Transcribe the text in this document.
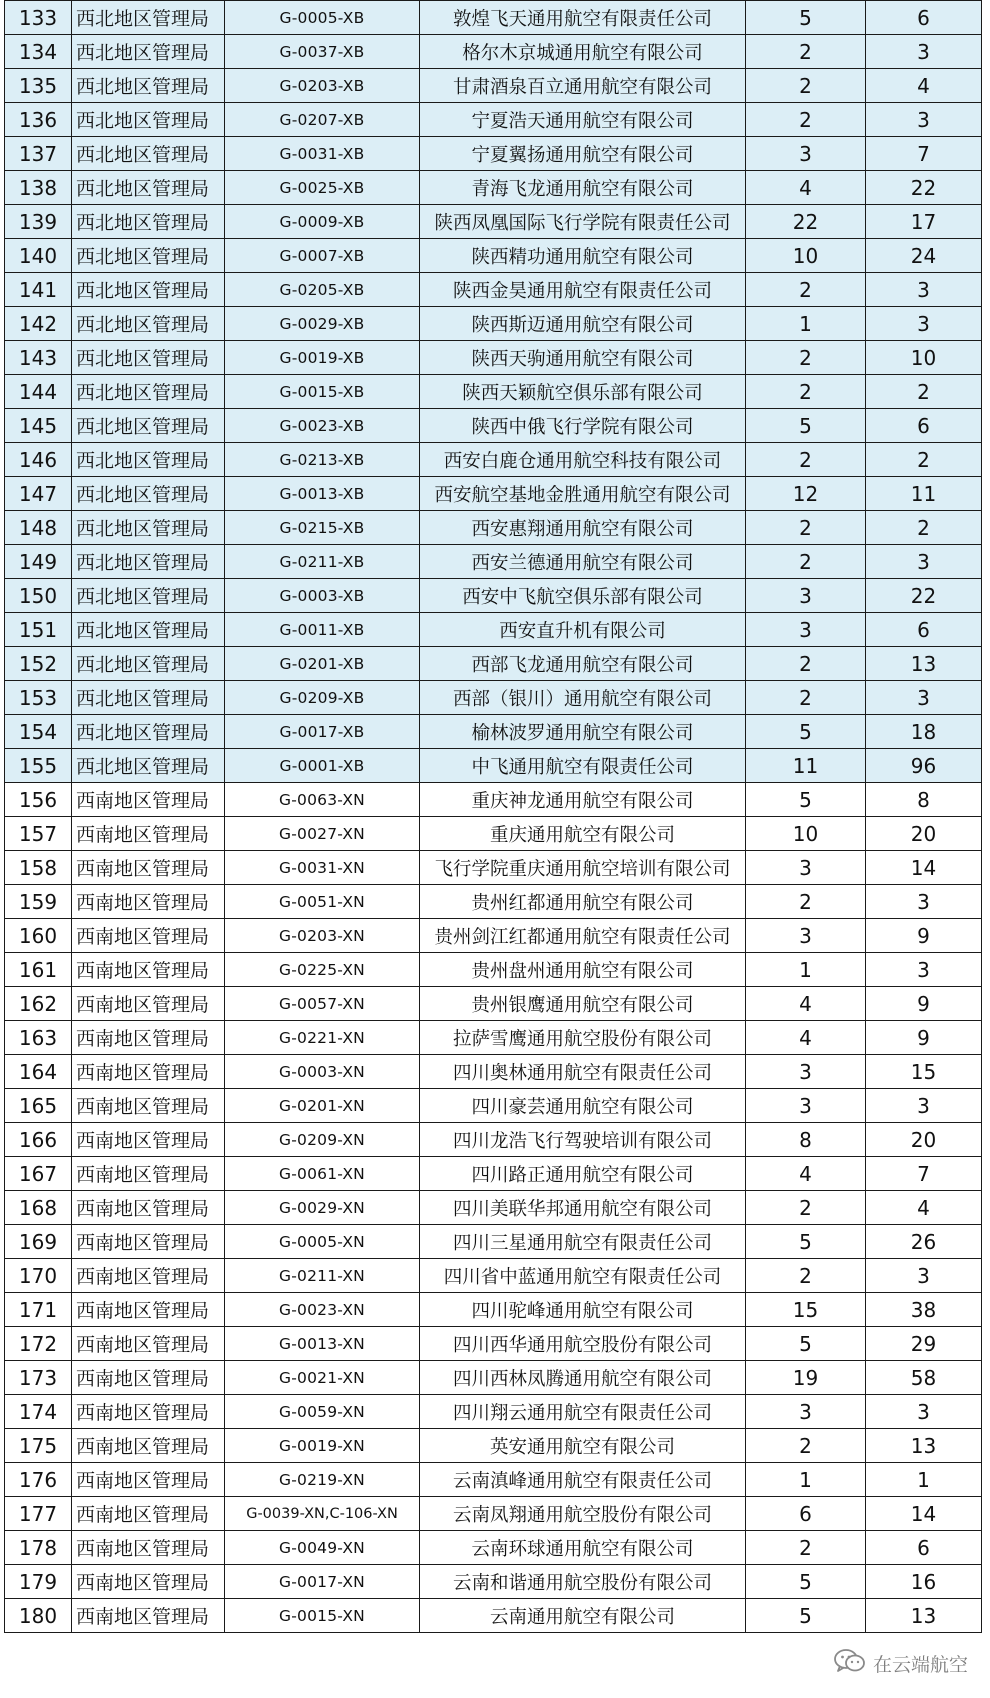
133	西北地区管理局	G-0005-XB	敦煌飞天通用航空有限责任公司	5	6
134	西北地区管理局	G-0037-XB	格尔木京城通用航空有限公司	2	3
135	西北地区管理局	G-0203-XB	甘肃酒泉百立通用航空有限公司	2	4
136	西北地区管理局	G-0207-XB	宁夏浩天通用航空有限公司	2	3
137	西北地区管理局	G-0031-XB	宁夏翼扬通用航空有限公司	3	7
138	西北地区管理局	G-0025-XB	青海飞龙通用航空有限公司	4	22
139	西北地区管理局	G-0009-XB	陕西凤凰国际飞行学院有限责任公司	22	17
140	西北地区管理局	G-0007-XB	陕西精功通用航空有限公司	10	24
141	西北地区管理局	G-0205-XB	陕西金昊通用航空有限责任公司	2	3
142	西北地区管理局	G-0029-XB	陕西斯迈通用航空有限公司	1	3
143	西北地区管理局	G-0019-XB	陕西天驹通用航空有限公司	2	10
144	西北地区管理局	G-0015-XB	陕西天颖航空俱乐部有限公司	2	2
145	西北地区管理局	G-0023-XB	陕西中俄飞行学院有限公司	5	6
146	西北地区管理局	G-0213-XB	西安白鹿仓通用航空科技有限公司	2	2
147	西北地区管理局	G-0013-XB	西安航空基地金胜通用航空有限公司	12	11
148	西北地区管理局	G-0215-XB	西安惠翔通用航空有限公司	2	2
149	西北地区管理局	G-0211-XB	西安兰德通用航空有限公司	2	3
150	西北地区管理局	G-0003-XB	西安中飞航空俱乐部有限公司	3	22
151	西北地区管理局	G-0011-XB	西安直升机有限公司	3	6
152	西北地区管理局	G-0201-XB	西部飞龙通用航空有限公司	2	13
153	西北地区管理局	G-0209-XB	西部（银川）通用航空有限公司	2	3
154	西北地区管理局	G-0017-XB	榆林波罗通用航空有限公司	5	18
155	西北地区管理局	G-0001-XB	中飞通用航空有限责任公司	11	96
156	西南地区管理局	G-0063-XN	重庆神龙通用航空有限公司	5	8
157	西南地区管理局	G-0027-XN	重庆通用航空有限公司	10	20
158	西南地区管理局	G-0031-XN	飞行学院重庆通用航空培训有限公司	3	14
159	西南地区管理局	G-0051-XN	贵州红都通用航空有限公司	2	3
160	西南地区管理局	G-0203-XN	贵州剑江红都通用航空有限责任公司	3	9
161	西南地区管理局	G-0225-XN	贵州盘州通用航空有限公司	1	3
162	西南地区管理局	G-0057-XN	贵州银鹰通用航空有限公司	4	9
163	西南地区管理局	G-0221-XN	拉萨雪鹰通用航空股份有限公司	4	9
164	西南地区管理局	G-0003-XN	四川奥林通用航空有限责任公司	3	15
165	西南地区管理局	G-0201-XN	四川豪芸通用航空有限公司	3	3
166	西南地区管理局	G-0209-XN	四川龙浩飞行驾驶培训有限公司	8	20
167	西南地区管理局	G-0061-XN	四川路正通用航空有限公司	4	7
168	西南地区管理局	G-0029-XN	四川美联华邦通用航空有限公司	2	4
169	西南地区管理局	G-0005-XN	四川三星通用航空有限责任公司	5	26
170	西南地区管理局	G-0211-XN	四川省中蓝通用航空有限责任公司	2	3
171	西南地区管理局	G-0023-XN	四川驼峰通用航空有限公司	15	38
172	西南地区管理局	G-0013-XN	四川西华通用航空股份有限公司	5	29
173	西南地区管理局	G-0021-XN	四川西林凤腾通用航空有限公司	19	58
174	西南地区管理局	G-0059-XN	四川翔云通用航空有限责任公司	3	3
175	西南地区管理局	G-0019-XN	英安通用航空有限公司	2	13
176	西南地区管理局	G-0219-XN	云南滇峰通用航空有限责任公司	1	1
177	西南地区管理局	G-0039-XN,C-106-XN	云南凤翔通用航空股份有限公司	6	14
178	西南地区管理局	G-0049-XN	云南环球通用航空有限公司	2	6
179	西南地区管理局	G-0017-XN	云南和谐通用航空股份有限公司	5	16
180	西南地区管理局	G-0015-XN	云南通用航空有限公司	5	13
在云端航空
